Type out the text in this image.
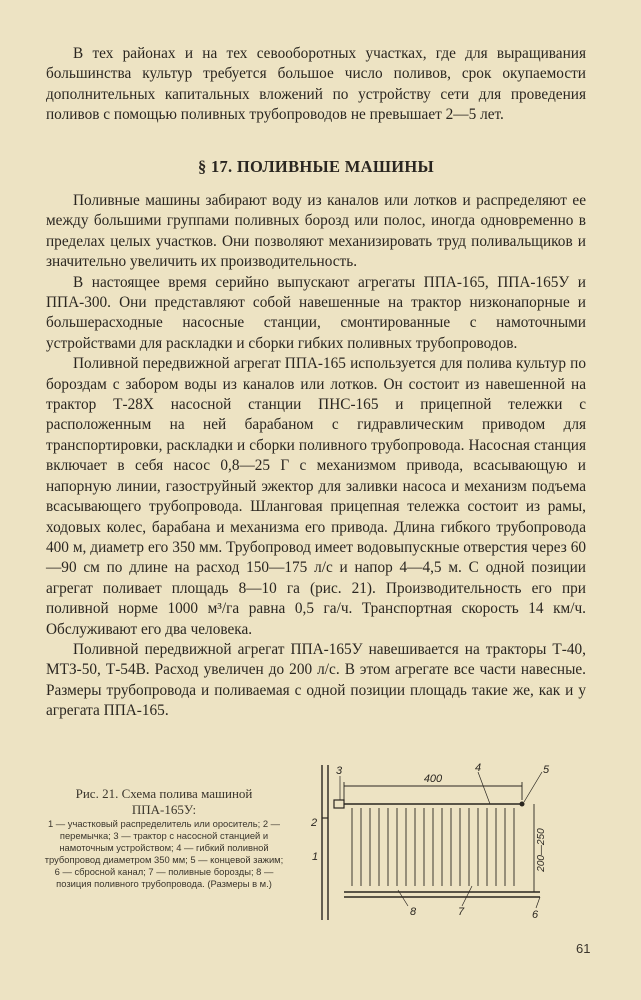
В тех районах и на тех севооборотных участках, где для выращивания большинства культур требуется большое число поливов, срок окупаемости дополнительных капитальных вложений по устройству сети для проведения поливов с помощью поливных трубопроводов не превышает 2—5 лет.

§ 17. ПОЛИВНЫЕ МАШИНЫ

Поливные машины забирают воду из каналов или лотков и распределяют ее между большими группами поливных борозд или полос, иногда одновременно в пределах целых участков. Они позволяют механизировать труд поливальщиков и значительно увеличить их производительность.

В настоящее время серийно выпускают агрегаты ППА-165, ППА-165У и ППА-300. Они представляют собой навешенные на трактор низконапорные и большерасходные насосные станции, смонтированные с намоточными устройствами для раскладки и сборки гибких поливных трубопроводов.

Поливной передвижной агрегат ППА-165 используется для полива культур по бороздам с забором воды из каналов или лотков. Он состоит из навешенной на трактор Т-28Х насосной станции ПНС-165 и прицепной тележки с расположенным на ней барабаном с гидравлическим приводом для транспортировки, раскладки и сборки поливного трубопровода. Насосная станция включает в себя насос 0,8—25 Г с механизмом привода, всасывающую и напорную линии, газоструйный эжектор для заливки насоса и механизм подъема всасывающего трубопровода. Шланговая прицепная тележка состоит из рамы, ходовых колес, барабана и механизма его привода. Длина гибкого трубопровода 400 м, диаметр его 350 мм. Трубопровод имеет водовыпускные отверстия через 60—90 см по длине на расход 150—175 л/с и напор 4—4,5 м. С одной позиции агрегат поливает площадь 8—10 га (рис. 21). Производительность его при поливной норме 1000 м³/га равна 0,5 га/ч. Транспортная скорость 14 км/ч. Обслуживают его два человека.

Поливной передвижной агрегат ППА-165У навешивается на тракторы Т-40, МТЗ-50, Т-54В. Расход увеличен до 200 л/с. В этом агрегате все части навесные. Размеры трубопровода и поливаемая с одной позиции площадь такие же, как и у агрегата ППА-165.

Рис. 21. Схема полива машиной
ППА-165У:
1 — участковый распределитель или ороситель; 2 — перемычка; 3 — трактор с насосной станцией и намоточным устройством; 4 — гибкий поливной трубопровод диаметром 350 мм; 5 — концевой зажим; 6 — сбросной канал; 7 — поливные борозды; 8 — позиция поливного трубопровода. (Размеры в м.)
400
200—250
1
2
3	4	5
6
7
8
61
